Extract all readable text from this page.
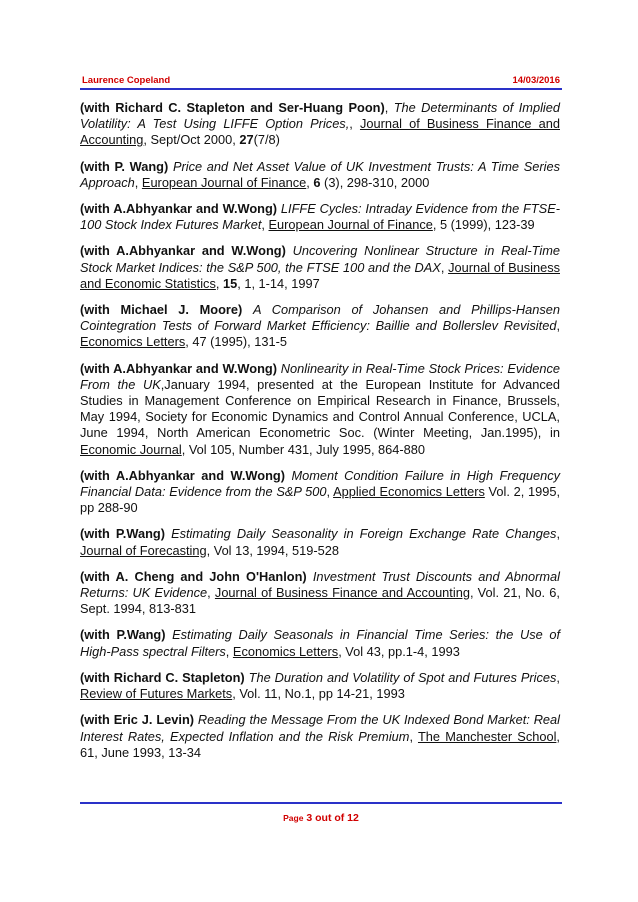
Laurence Copeland	14/03/2016

(with Richard C. Stapleton and Ser-Huang Poon), The Determinants of Implied Volatility: A Test Using LIFFE Option Prices,, Journal of Business Finance and Accounting, Sept/Oct 2000, 27(7/8)

(with P. Wang) Price and Net Asset Value of UK Investment Trusts: A Time Series Approach, European Journal of Finance, 6 (3), 298-310, 2000

(with A.Abhyankar and W.Wong) LIFFE Cycles: Intraday Evidence from the FTSE-100 Stock Index Futures Market, European Journal of Finance, 5 (1999), 123-39

(with A.Abhyankar and W.Wong) Uncovering Nonlinear Structure in Real-Time Stock Market Indices: the S&P 500, the FTSE 100 and the DAX, Journal of Business and Economic Statistics, 15, 1, 1-14, 1997

(with Michael J. Moore) A Comparison of Johansen and Phillips-Hansen Cointegration Tests of Forward Market Efficiency: Baillie and Bollerslev Revisited, Economics Letters, 47 (1995), 131-5

(with A.Abhyankar and W.Wong) Nonlinearity in Real-Time Stock Prices: Evidence From the UK,January 1994, presented at the European Institute for Advanced Studies in Management Conference on Empirical Research in Finance, Brussels, May 1994, Society for Economic Dynamics and Control Annual Conference, UCLA, June 1994, North American Econometric Soc. (Winter Meeting, Jan.1995), in Economic Journal, Vol 105, Number 431, July 1995, 864-880

(with A.Abhyankar and W.Wong) Moment Condition Failure in High Frequency Financial Data: Evidence from the S&P 500, Applied Economics Letters Vol. 2, 1995, pp 288-90

(with P.Wang) Estimating Daily Seasonality in Foreign Exchange Rate Changes, Journal of Forecasting, Vol 13, 1994, 519-528

(with A. Cheng and John O'Hanlon) Investment Trust Discounts and Abnormal Returns: UK Evidence, Journal of Business Finance and Accounting, Vol. 21, No. 6, Sept. 1994, 813-831

(with P.Wang) Estimating Daily Seasonals in Financial Time Series: the Use of High-Pass spectral Filters, Economics Letters, Vol 43, pp.1-4, 1993

(with Richard C. Stapleton) The Duration and Volatility of Spot and Futures Prices, Review of Futures Markets, Vol. 11, No.1, pp 14-21, 1993

(with Eric J. Levin) Reading the Message From the UK Indexed Bond Market: Real Interest Rates, Expected Inflation and the Risk Premium, The Manchester School, 61, June 1993, 13-34

Page 3 out of 12
